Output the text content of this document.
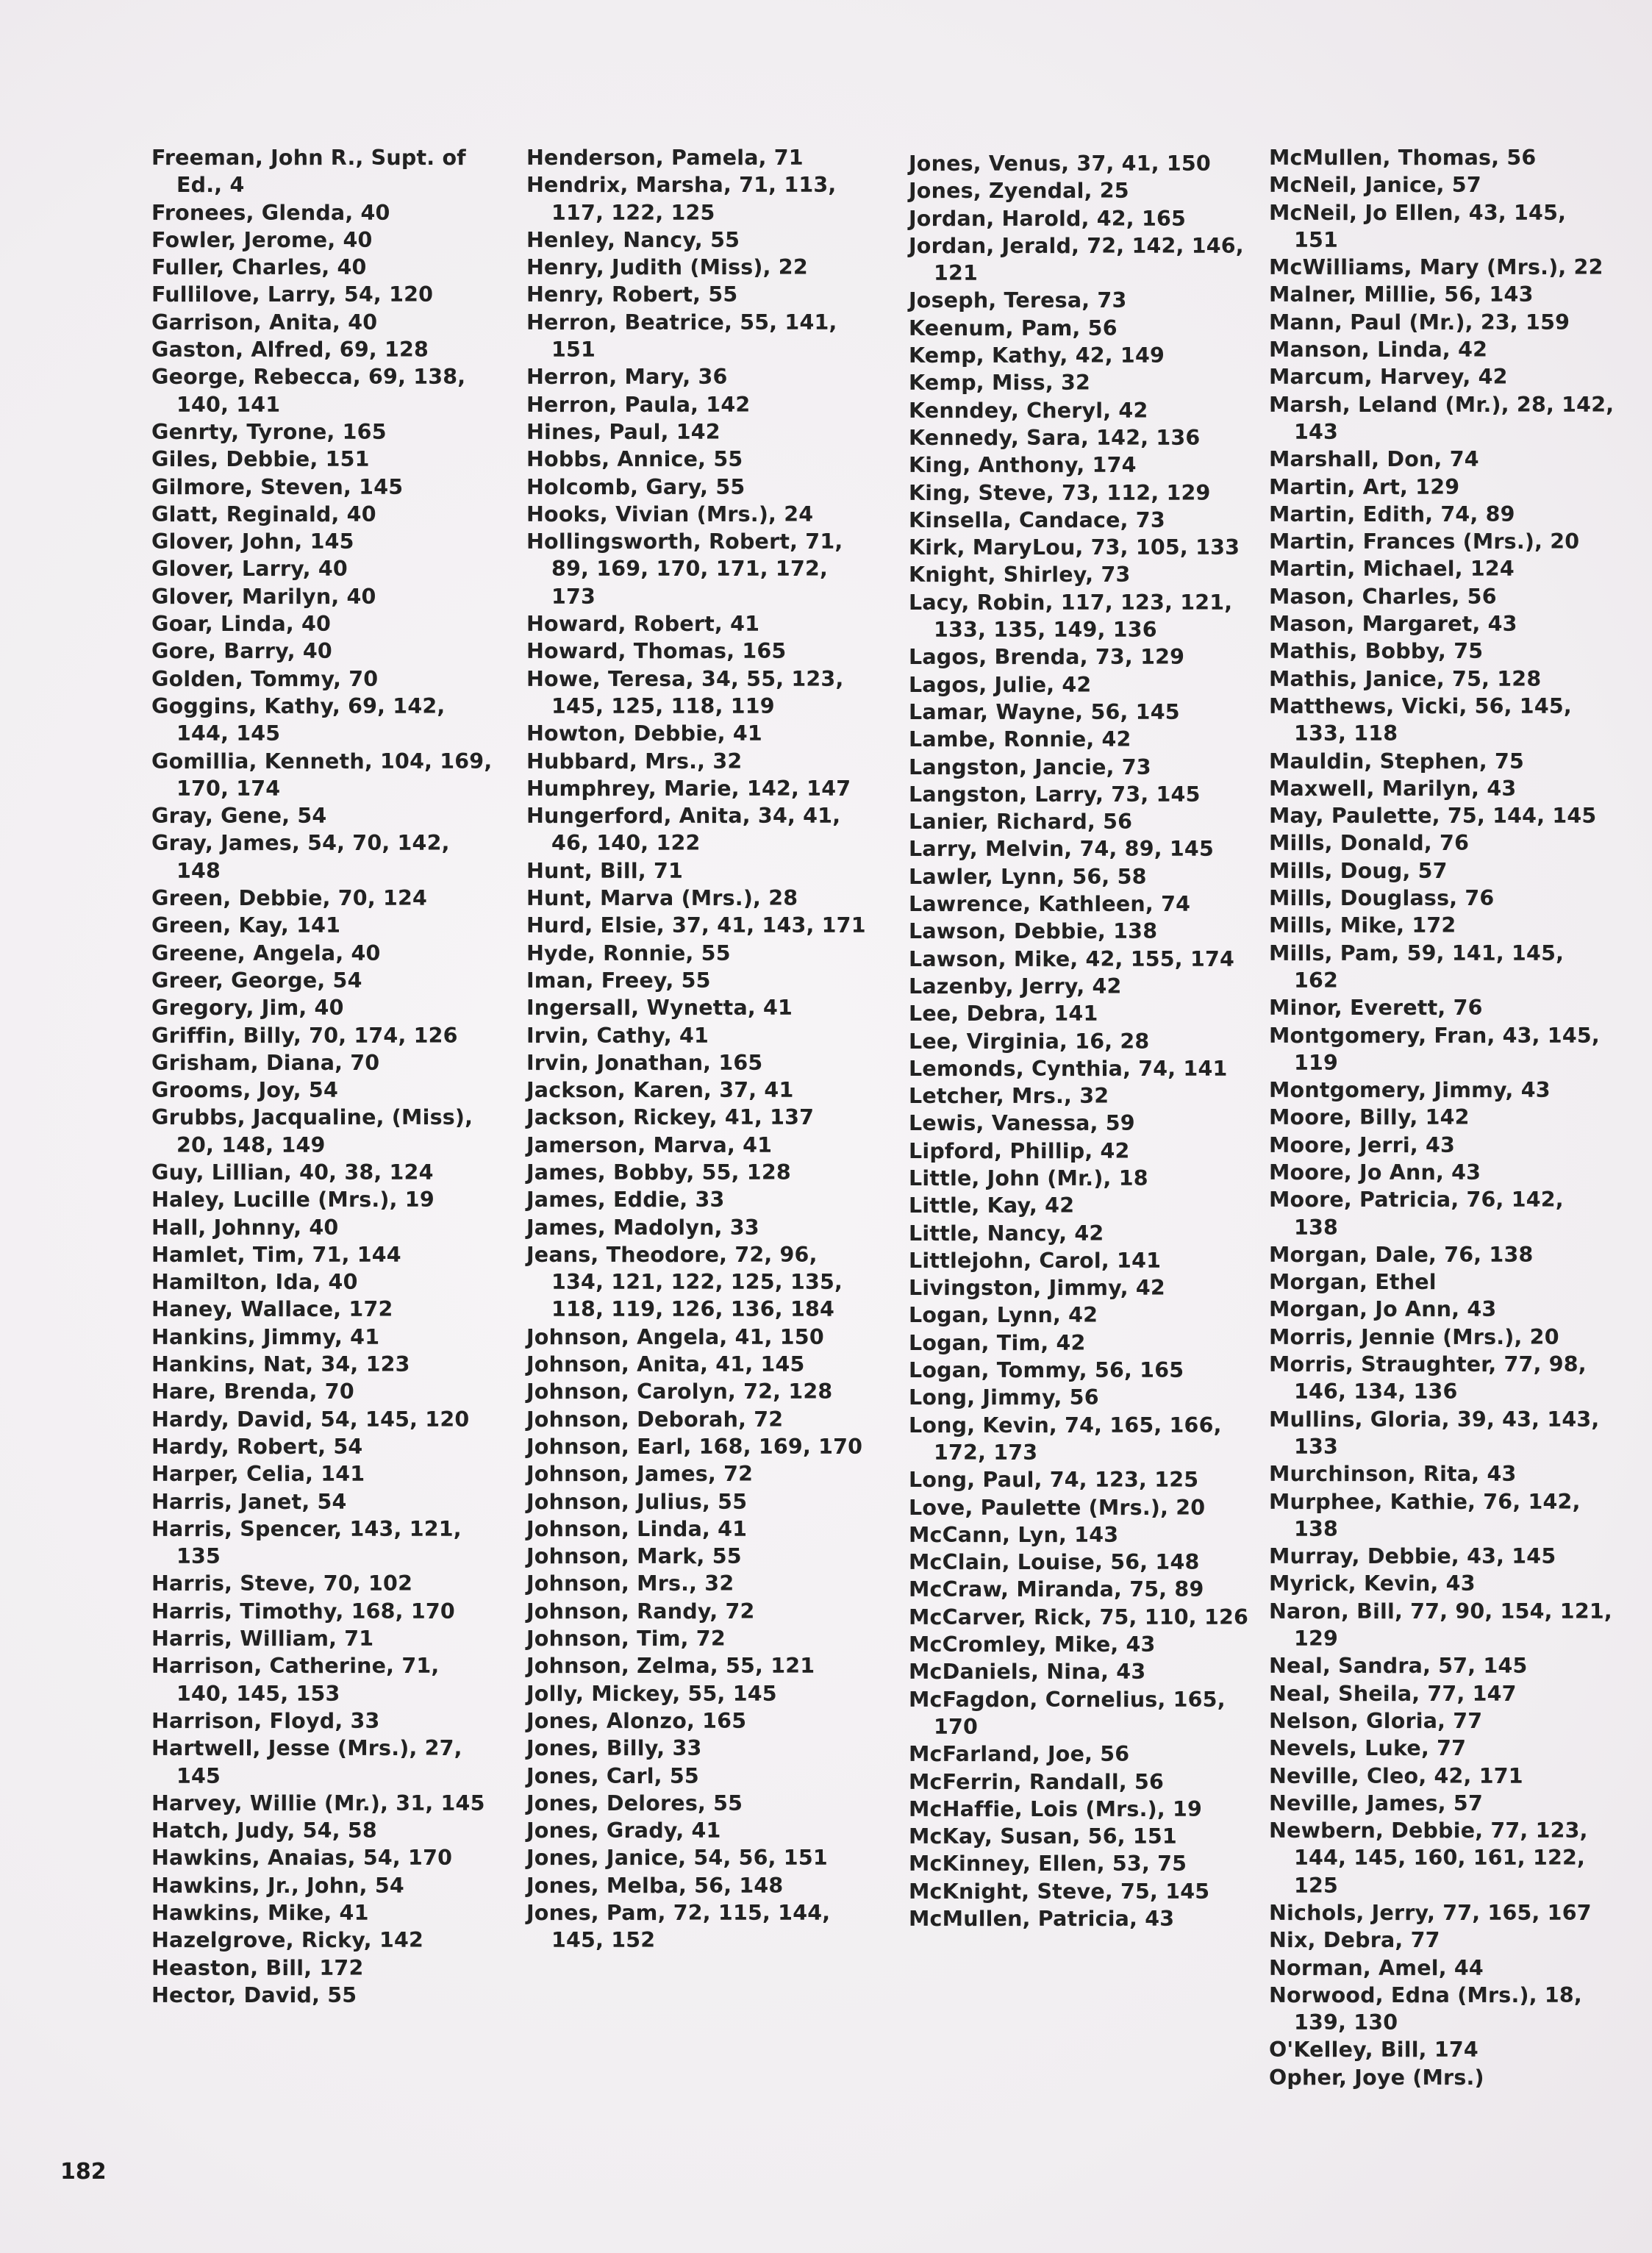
Freeman, John R., Supt. of Ed., 4

Fronees, Glenda, 40

Fowler, Jerome, 40

Fuller, Charles, 40

Fullilove, Larry, 54, 120

Garrison, Anita, 40

Gaston, Alfred, 69, 128

George, Rebecca, 69, 138, 140, 141

Genrty, Tyrone, 165

Giles, Debbie, 151

Gilmore, Steven, 145

Glatt, Reginald, 40

Glover, John, 145

Glover, Larry, 40

Glover, Marilyn, 40

Goar, Linda, 40

Gore, Barry, 40

Golden, Tommy, 70

Goggins, Kathy, 69, 142, 144, 145

Gomillia, Kenneth, 104, 169, 170, 174

Gray, Gene, 54

Gray, James, 54, 70, 142, 148

Green, Debbie, 70, 124

Green, Kay, 141

Greene, Angela, 40

Greer, George, 54

Gregory, Jim, 40

Griffin, Billy, 70, 174, 126

Grisham, Diana, 70

Grooms, Joy, 54

Grubbs, Jacqualine, (Miss), 20, 148, 149

Guy, Lillian, 40, 38, 124

Haley, Lucille (Mrs.), 19

Hall, Johnny, 40

Hamlet, Tim, 71, 144

Hamilton, Ida, 40

Haney, Wallace, 172

Hankins, Jimmy, 41

Hankins, Nat, 34, 123

Hare, Brenda, 70

Hardy, David, 54, 145, 120

Hardy, Robert, 54

Harper, Celia, 141

Harris, Janet, 54

Harris, Spencer, 143, 121, 135

Harris, Steve, 70, 102

Harris, Timothy, 168, 170

Harris, William, 71

Harrison, Catherine, 71, 140, 145, 153

Harrison, Floyd, 33

Hartwell, Jesse (Mrs.), 27, 145

Harvey, Willie (Mr.), 31, 145

Hatch, Judy, 54, 58

Hawkins, Anaias, 54, 170

Hawkins, Jr., John, 54

Hawkins, Mike, 41

Hazelgrove, Ricky, 142

Heaston, Bill, 172

Hector, David, 55

Henderson, Pamela, 71

Hendrix, Marsha, 71, 113, 117, 122, 125

Henley, Nancy, 55

Henry, Judith (Miss), 22

Henry, Robert, 55

Herron, Beatrice, 55, 141, 151

Herron, Mary, 36

Herron, Paula, 142

Hines, Paul, 142

Hobbs, Annice, 55

Holcomb, Gary, 55

Hooks, Vivian (Mrs.), 24

Hollingsworth, Robert, 71, 89, 169, 170, 171, 172, 173

Howard, Robert, 41

Howard, Thomas, 165

Howe, Teresa, 34, 55, 123, 145, 125, 118, 119

Howton, Debbie, 41

Hubbard, Mrs., 32

Humphrey, Marie, 142, 147

Hungerford, Anita, 34, 41, 46, 140, 122

Hunt, Bill, 71

Hunt, Marva (Mrs.), 28

Hurd, Elsie, 37, 41, 143, 171

Hyde, Ronnie, 55

Iman, Freey, 55

Ingersall, Wynetta, 41

Irvin, Cathy, 41

Irvin, Jonathan, 165

Jackson, Karen, 37, 41

Jackson, Rickey, 41, 137

Jamerson, Marva, 41

James, Bobby, 55, 128

James, Eddie, 33

James, Madolyn, 33

Jeans, Theodore, 72, 96, 134, 121, 122, 125, 135, 118, 119, 126, 136, 184

Johnson, Angela, 41, 150

Johnson, Anita, 41, 145

Johnson, Carolyn, 72, 128

Johnson, Deborah, 72

Johnson, Earl, 168, 169, 170

Johnson, James, 72

Johnson, Julius, 55

Johnson, Linda, 41

Johnson, Mark, 55

Johnson, Mrs., 32

Johnson, Randy, 72

Johnson, Tim, 72

Johnson, Zelma, 55, 121

Jolly, Mickey, 55, 145

Jones, Alonzo, 165

Jones, Billy, 33

Jones, Carl, 55

Jones, Delores, 55

Jones, Grady, 41

Jones, Janice, 54, 56, 151

Jones, Melba, 56, 148

Jones, Pam, 72, 115, 144, 145, 152

Jones, Venus, 37, 41, 150

Jones, Zyendal, 25

Jordan, Harold, 42, 165

Jordan, Jerald, 72, 142, 146, 121

Joseph, Teresa, 73

Keenum, Pam, 56

Kemp, Kathy, 42, 149

Kemp, Miss, 32

Kenndey, Cheryl, 42

Kennedy, Sara, 142, 136

King, Anthony, 174

King, Steve, 73, 112, 129

Kinsella, Candace, 73

Kirk, MaryLou, 73, 105, 133

Knight, Shirley, 73

Lacy, Robin, 117, 123, 121, 133, 135, 149, 136

Lagos, Brenda, 73, 129

Lagos, Julie, 42

Lamar, Wayne, 56, 145

Lambe, Ronnie, 42

Langston, Jancie, 73

Langston, Larry, 73, 145

Lanier, Richard, 56

Larry, Melvin, 74, 89, 145

Lawler, Lynn, 56, 58

Lawrence, Kathleen, 74

Lawson, Debbie, 138

Lawson, Mike, 42, 155, 174

Lazenby, Jerry, 42

Lee, Debra, 141

Lee, Virginia, 16, 28

Lemonds, Cynthia, 74, 141

Letcher, Mrs., 32

Lewis, Vanessa, 59

Lipford, Phillip, 42

Little, John (Mr.), 18

Little, Kay, 42

Little, Nancy, 42

Littlejohn, Carol, 141

Livingston, Jimmy, 42

Logan, Lynn, 42

Logan, Tim, 42

Logan, Tommy, 56, 165

Long, Jimmy, 56

Long, Kevin, 74, 165, 166, 172, 173

Long, Paul, 74, 123, 125

Love, Paulette (Mrs.), 20

McCann, Lyn, 143

McClain, Louise, 56, 148

McCraw, Miranda, 75, 89

McCarver, Rick, 75, 110, 126

McCromley, Mike, 43

McDaniels, Nina, 43

McFagdon, Cornelius, 165, 170

McFarland, Joe, 56

McFerrin, Randall, 56

McHaffie, Lois (Mrs.), 19

McKay, Susan, 56, 151

McKinney, Ellen, 53, 75

McKnight, Steve, 75, 145

McMullen, Patricia, 43

McMullen, Thomas, 56

McNeil, Janice, 57

McNeil, Jo Ellen, 43, 145, 151

McWilliams, Mary (Mrs.), 22

Malner, Millie, 56, 143

Mann, Paul (Mr.), 23, 159

Manson, Linda, 42

Marcum, Harvey, 42

Marsh, Leland (Mr.), 28, 142, 143

Marshall, Don, 74

Martin, Art, 129

Martin, Edith, 74, 89

Martin, Frances (Mrs.), 20

Martin, Michael, 124

Mason, Charles, 56

Mason, Margaret, 43

Mathis, Bobby, 75

Mathis, Janice, 75, 128

Matthews, Vicki, 56, 145, 133, 118

Mauldin, Stephen, 75

Maxwell, Marilyn, 43

May, Paulette, 75, 144, 145

Mills, Donald, 76

Mills, Doug, 57

Mills, Douglass, 76

Mills, Mike, 172

Mills, Pam, 59, 141, 145, 162

Minor, Everett, 76

Montgomery, Fran, 43, 145, 119

Montgomery, Jimmy, 43

Moore, Billy, 142

Moore, Jerri, 43

Moore, Jo Ann, 43

Moore, Patricia, 76, 142, 138

Morgan, Dale, 76, 138

Morgan, Ethel

Morgan, Jo Ann, 43

Morris, Jennie (Mrs.), 20

Morris, Straughter, 77, 98, 146, 134, 136

Mullins, Gloria, 39, 43, 143, 133

Murchinson, Rita, 43

Murphee, Kathie, 76, 142, 138

Murray, Debbie, 43, 145

Myrick, Kevin, 43

Naron, Bill, 77, 90, 154, 121, 129

Neal, Sandra, 57, 145

Neal, Sheila, 77, 147

Nelson, Gloria, 77

Nevels, Luke, 77

Neville, Cleo, 42, 171

Neville, James, 57

Newbern, Debbie, 77, 123, 144, 145, 160, 161, 122, 125

Nichols, Jerry, 77, 165, 167

Nix, Debra, 77

Norman, Amel, 44

Norwood, Edna (Mrs.), 18, 139, 130

O'Kelley, Bill, 174

Opher, Joye (Mrs.)

182
